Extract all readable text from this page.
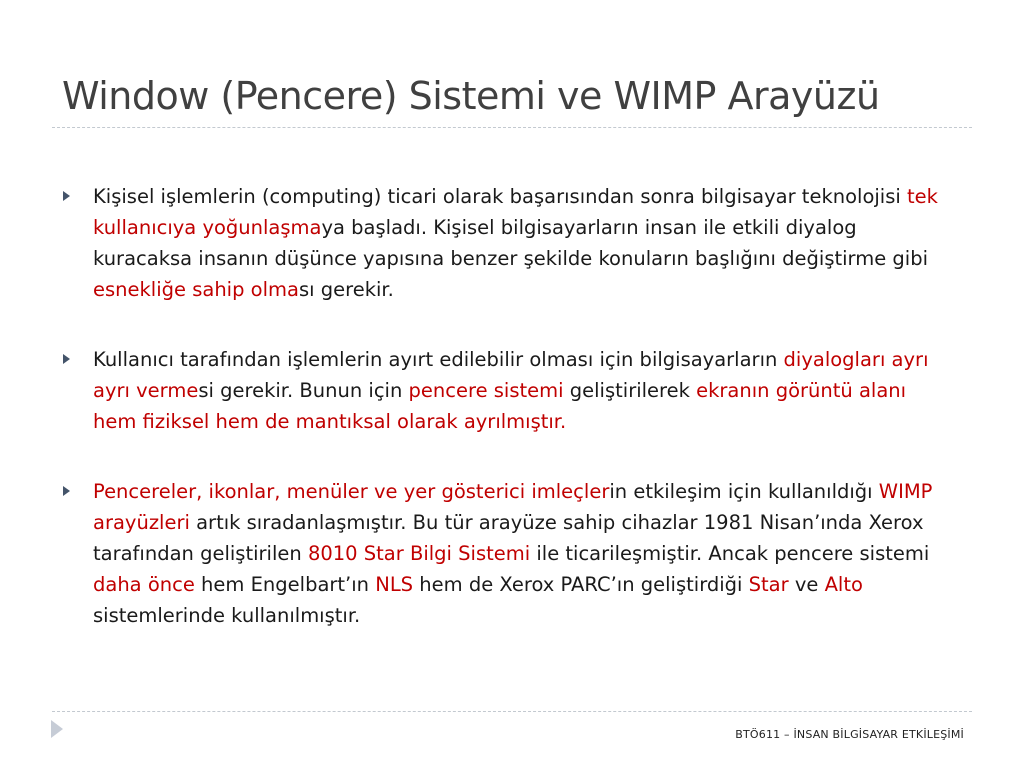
Window (Pencere) Sistemi ve WIMP Arayüzü

Kişisel işlemlerin (computing) ticari olarak başarısından sonra bilgisayar teknolojisi tek kullanıcıya yoğunlaşmaya başladı. Kişisel bilgisayarların insan ile etkili diyalog kuracaksa insanın düşünce yapısına benzer şekilde konuların başlığını değiştirme gibi esnekliğe sahip olması gerekir.

Kullanıcı tarafından işlemlerin ayırt edilebilir olması için bilgisayarların diyalogları ayrı ayrı vermesi gerekir. Bunun için pencere sistemi geliştirilerek ekranın görüntü alanı hem fiziksel hem de mantıksal olarak ayrılmıştır.

Pencereler, ikonlar, menüler ve yer gösterici imleçlerin etkileşim için kullanıldığı WIMP arayüzleri artık sıradanlaşmıştır. Bu tür arayüze sahip cihazlar 1981 Nisan’ında Xerox tarafından geliştirilen 8010 Star Bilgi Sistemi ile ticarileşmiştir. Ancak pencere sistemi daha önce hem Engelbart’ın NLS hem de Xerox PARC’ın geliştirdiği Star ve Alto sistemlerinde kullanılmıştır.

BTÖ611 – İNSAN BİLGİSAYAR ETKİLEŞİMİ
